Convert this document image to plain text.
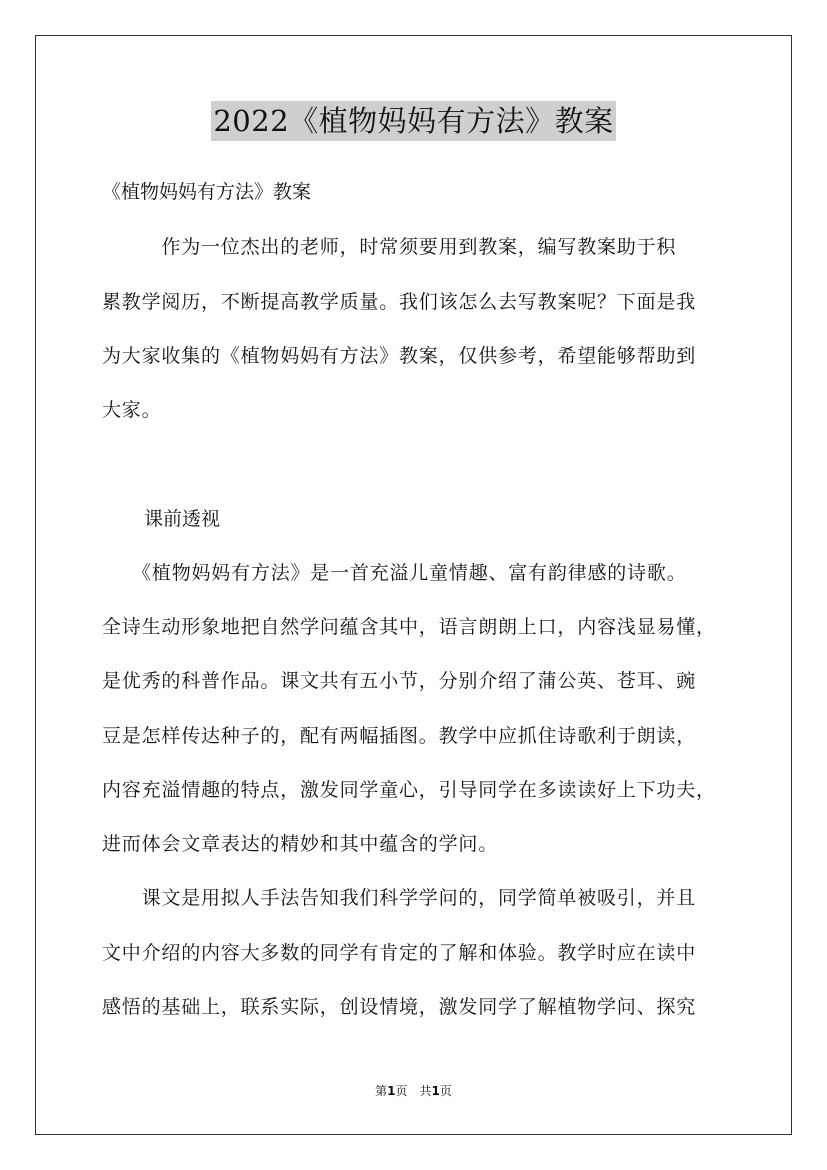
2022《植物妈妈有方法》教案
《植物妈妈有方法》教案
　　　作为一位杰出的老师，时常须要用到教案，编写教案助于积
累教学阅历，不断提高教学质量。我们该怎么去写教案呢？下面是我
为大家收集的《植物妈妈有方法》教案，仅供参考，希望能够帮助到
大家。
课前透视
　　《植物妈妈有方法》是一首充溢儿童情趣、富有韵律感的诗歌。
全诗生动形象地把自然学问蕴含其中，语言朗朗上口，内容浅显易懂，
是优秀的科普作品。课文共有五小节，分别介绍了蒲公英、苍耳、豌
豆是怎样传达种子的，配有两幅插图。教学中应抓住诗歌利于朗读，
内容充溢情趣的特点，激发同学童心，引导同学在多读读好上下功夫，
进而体会文章表达的精妙和其中蕴含的学问。
　　课文是用拟人手法告知我们科学学问的，同学简单被吸引，并且
文中介绍的内容大多数的同学有肯定的了解和体验。教学时应在读中
感悟的基础上，联系实际，创设情境，激发同学了解植物学问、探究
第1页　共1页
